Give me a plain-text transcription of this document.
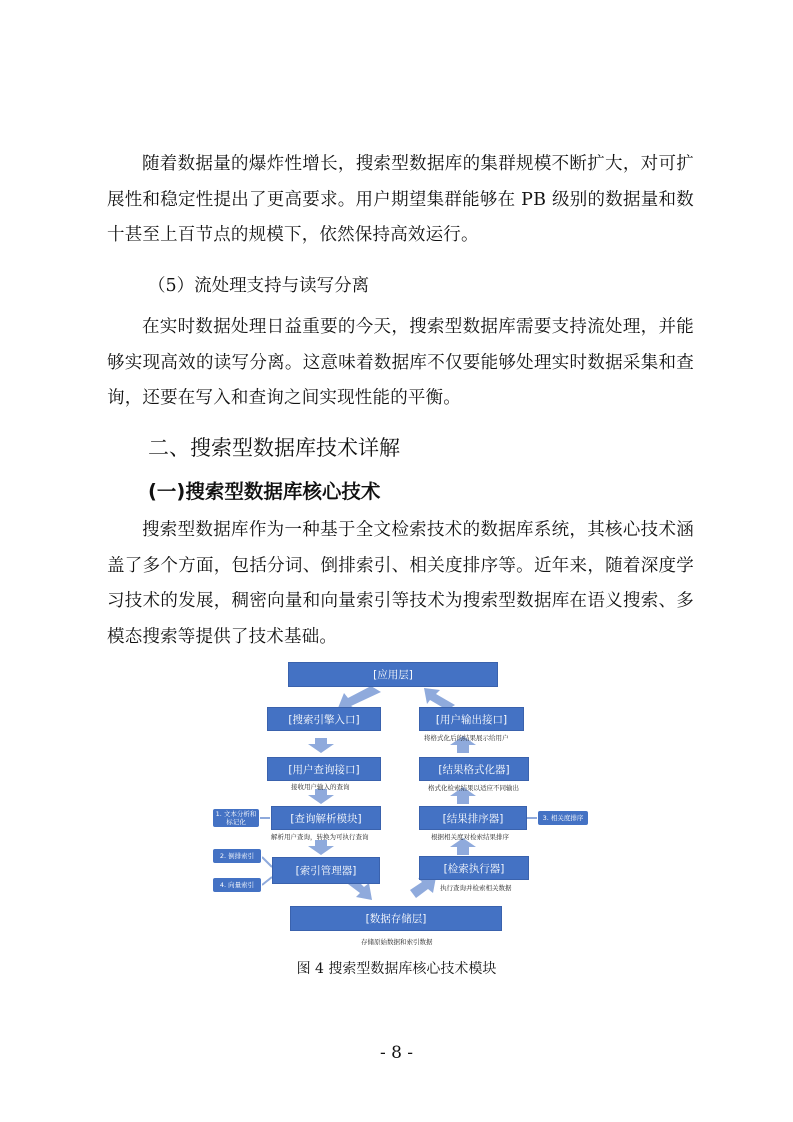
随着数据量的爆炸性增长，搜索型数据库的集群规模不断扩大，对可扩展性和稳定性提出了更高要求。用户期望集群能够在 PB 级别的数据量和数十甚至上百节点的规模下，依然保持高效运行。

（5）流处理支持与读写分离

在实时数据处理日益重要的今天，搜索型数据库需要支持流处理，并能够实现高效的读写分离。这意味着数据库不仅要能够处理实时数据采集和查询，还要在写入和查询之间实现性能的平衡。

二、搜索型数据库技术详解
(一)搜索型数据库核心技术

搜索型数据库作为一种基于全文检索技术的数据库系统，其核心技术涵盖了多个方面，包括分词、倒排索引、相关度排序等。近年来，随着深度学习技术的发展，稠密向量和向量索引等技术为搜索型数据库在语义搜索、多模态搜索等提供了技术基础。

[应用层]
[搜索引擎入口]	[用户输出接口]
将格式化后的结果展示给用户
[用户查询接口]
接收用户输入的查询
[结果格式化器]
格式化检索结果以适应不同输出
[查询解析模块]
解析用户查询，转换为可执行查询
[结果排序器]
根据相关度对检索结果排序
[索引管理器]	[检索执行器]
执行查询并检索相关数据
[数据存储层]
存储原始数据和索引数据
1. 文本分析和标记化
2. 倒排索引
4. 向量索引
3. 相关度排序

图 4 搜索型数据库核心技术模块

- 8 -
